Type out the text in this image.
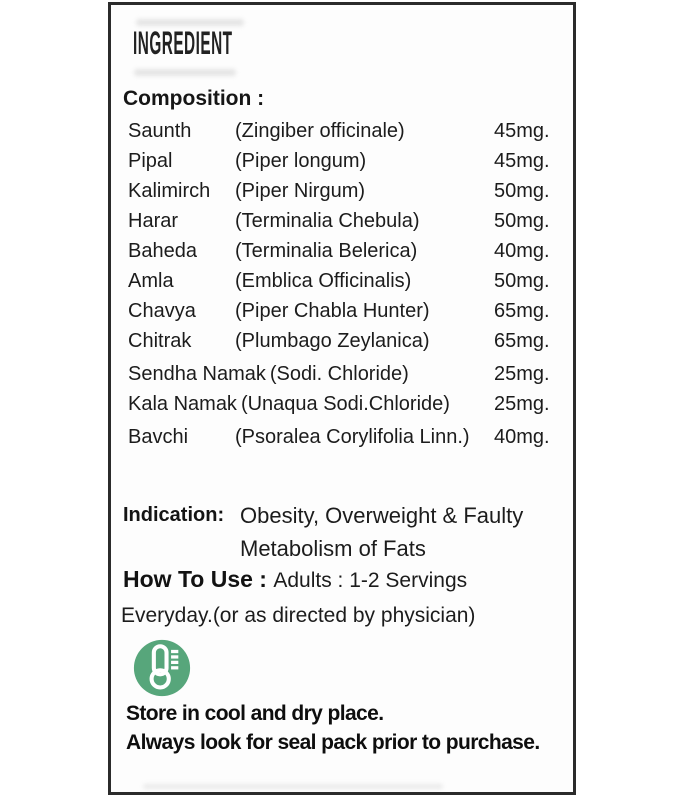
INGREDIENT
Composition :
Saunth	(Zingiber officinale)	45mg.
Pipal	(Piper longum)	45mg.
Kalimirch	(Piper Nirgum)	50mg.
Harar	(Terminalia Chebula)	50mg.
Baheda	(Terminalia Belerica)	40mg.
Amla	(Emblica Officinalis)	50mg.
Chavya	(Piper Chabla Hunter)	65mg.
Chitrak	(Plumbago Zeylanica)	65mg.
Sendha Namak (Sodi. Chloride)	25mg.
Kala Namak (Unaqua Sodi.Chloride)	25mg.
Bavchi	(Psoralea Corylifolia Linn.)	40mg.
Indication: Obesity, Overweight & Faulty
Metabolism of Fats
How To Use : Adults : 1-2 Servings
Everyday.(or as directed by physician)
Store in cool and dry place.
Always look for seal pack prior to purchase.
